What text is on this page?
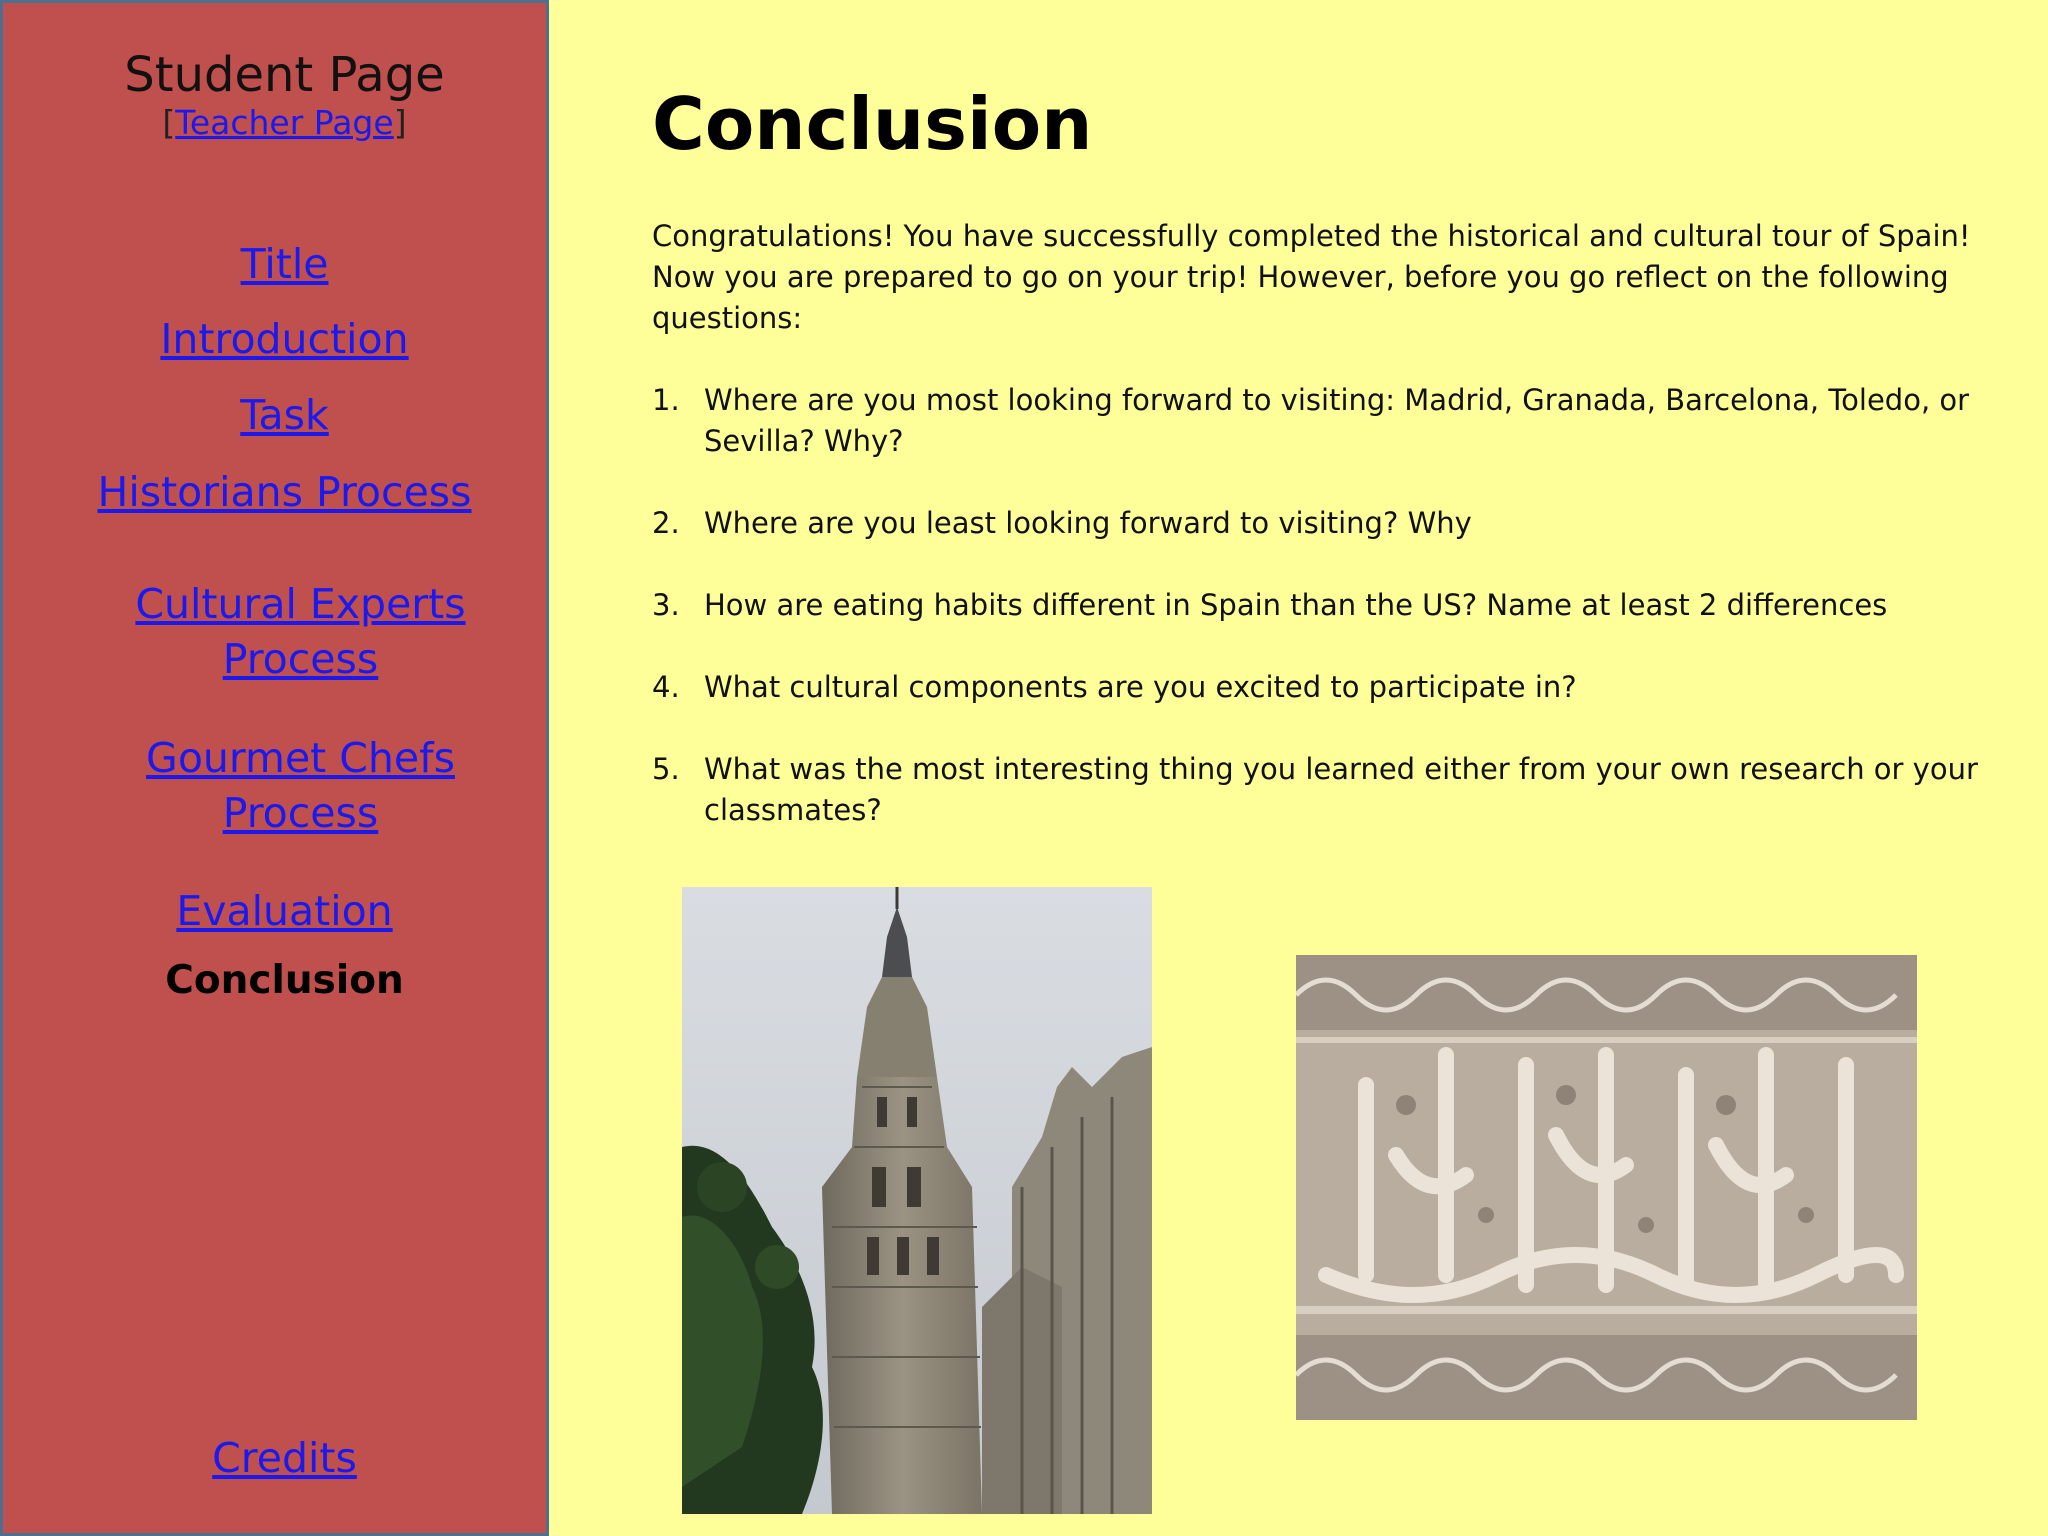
Student Page
[Teacher Page]
Title
Introduction
Task
Historians Process
Cultural Experts
Process
Gourmet Chefs
Process
Evaluation
Conclusion
Credits
Conclusion

Congratulations! You have successfully completed the historical and cultural tour of Spain! Now you are prepared to go on your trip! However, before you go reflect on the following questions:

1. Where are you most looking forward to visiting: Madrid, Granada, Barcelona, Toledo, or Sevilla? Why?
2. Where are you least looking forward to visiting? Why
3. How are eating habits different in Spain than the US? Name at least 2 differences
4. What cultural components are you excited to participate in?
5. What was the most interesting thing you learned either from your own research or your classmates?
